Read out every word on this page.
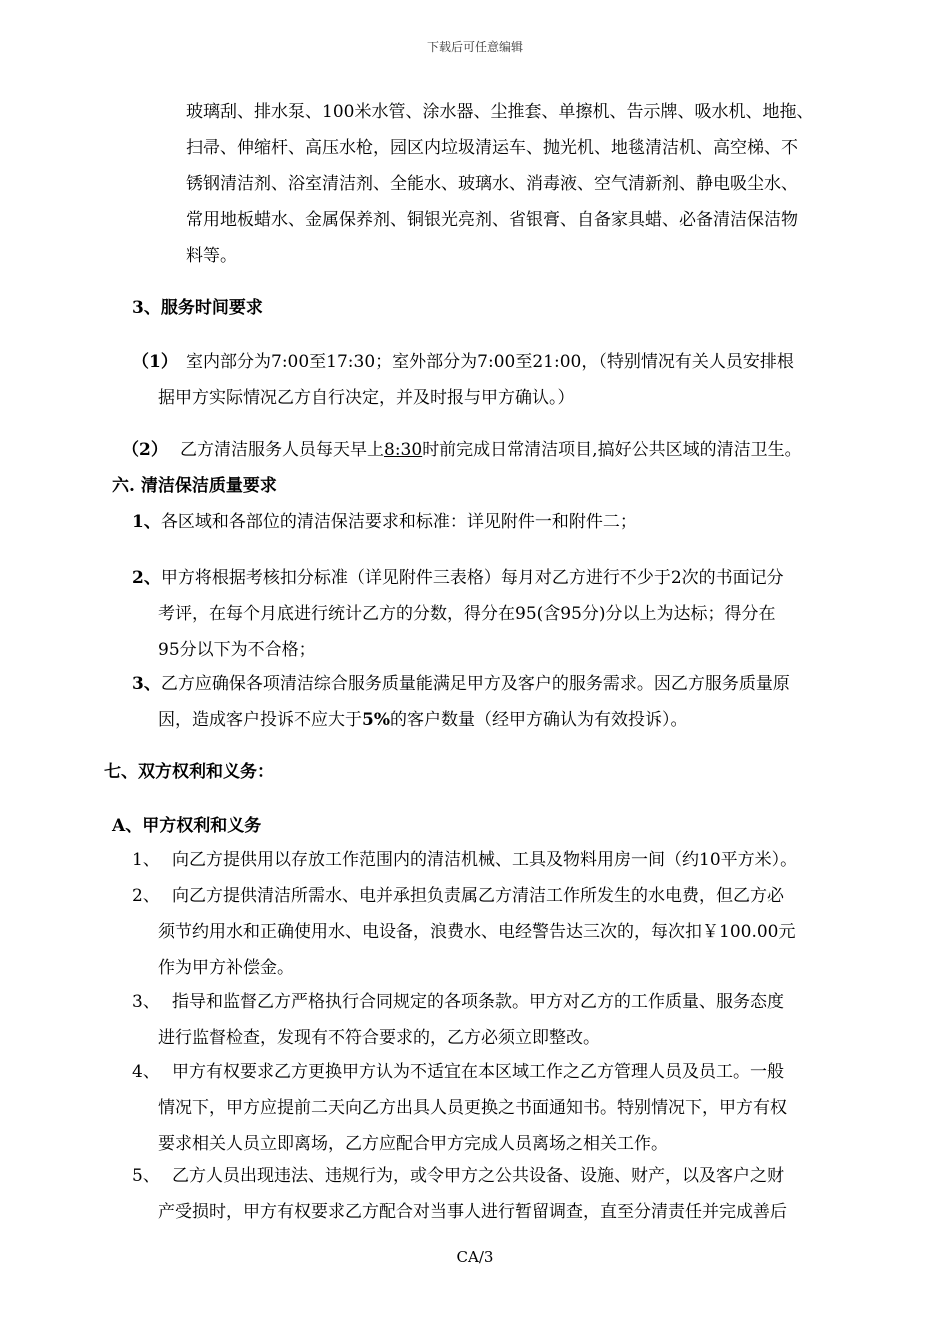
下载后可任意编辑
玻璃刮、排水泵、100米水管、涂水器、尘推套、单擦机、告示牌、吸水机、地拖、
扫帚、伸缩杆、高压水枪，园区内垃圾清运车、抛光机、地毯清洁机、高空梯、不
锈钢清洁剂、浴室清洁剂、全能水、玻璃水、消毒液、空气清新剂、静电吸尘水、
常用地板蜡水、金属保养剂、铜银光亮剂、省银膏、自备家具蜡、必备清洁保洁物
料等。
3、服务时间要求
（1） 室内部分为7:00至17:30；室外部分为7:00至21:00，（特别情况有关人员安排根
据甲方实际情况乙方自行决定，并及时报与甲方确认。）
（2） 乙方清洁服务人员每天早上8:30时前完成日常清洁项目,搞好公共区域的清洁卫生。
六. 清洁保洁质量要求
1、各区域和各部位的清洁保洁要求和标准：详见附件一和附件二；
2、甲方将根据考核扣分标准（详见附件三表格）每月对乙方进行不少于2次的书面记分
考评，在每个月底进行统计乙方的分数，得分在95(含95分)分以上为达标；得分在
95分以下为不合格；
3、乙方应确保各项清洁综合服务质量能满足甲方及客户的服务需求。因乙方服务质量原
因，造成客户投诉不应大于5%的客户数量（经甲方确认为有效投诉）。
七、双方权利和义务：
A、甲方权利和义务
1、 向乙方提供用以存放工作范围内的清洁机械、工具及物料用房一间（约10平方米）。
2、 向乙方提供清洁所需水、电并承担负责属乙方清洁工作所发生的水电费，但乙方必
须节约用水和正确使用水、电设备，浪费水、电经警告达三次的，每次扣￥100.00元
作为甲方补偿金。
3、 指导和监督乙方严格执行合同规定的各项条款。甲方对乙方的工作质量、服务态度
进行监督检查，发现有不符合要求的，乙方必须立即整改。
4、 甲方有权要求乙方更换甲方认为不适宜在本区域工作之乙方管理人员及员工。一般
情况下，甲方应提前二天向乙方出具人员更换之书面通知书。特别情况下，甲方有权
要求相关人员立即离场，乙方应配合甲方完成人员离场之相关工作。
5、 乙方人员出现违法、违规行为，或令甲方之公共设备、设施、财产，以及客户之财
产受损时，甲方有权要求乙方配合对当事人进行暂留调查，直至分清责任并完成善后
CA/3
